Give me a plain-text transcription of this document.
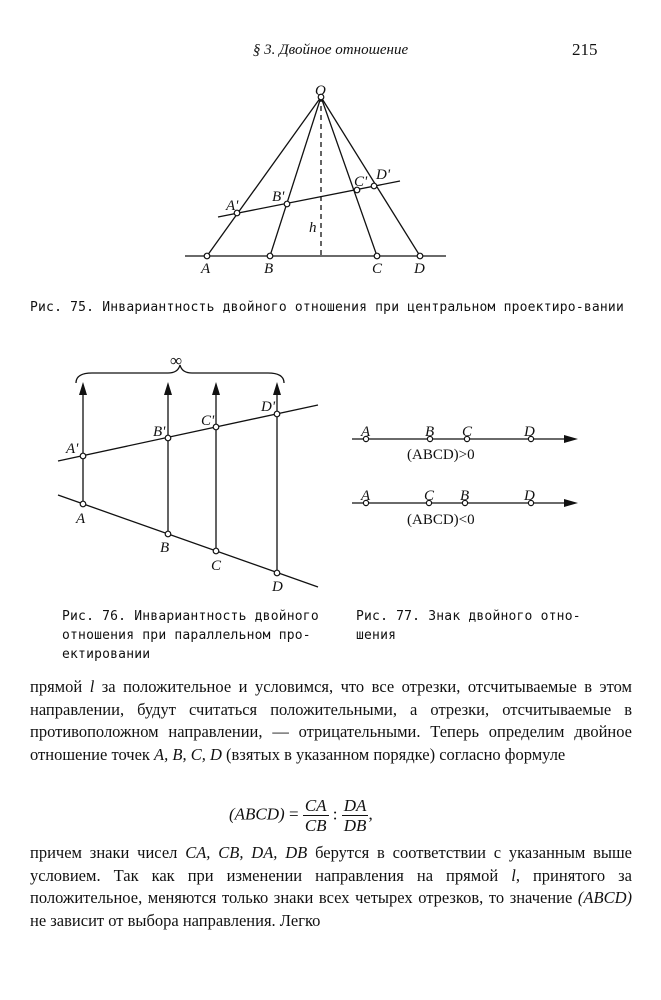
§ 3. Двойное отношение	215
O
A	B	C D
A'
B'
C' D'
h
Рис. 75. Инвариантность двойного отношения при центральном проектиро-вании
∞
A
B
C
D
A'
B'
C'
D'
Рис. 76. Инвариантность двойного отношения при параллельном про-ектировании
A	B C	D
(ABCD)>0
A	C B	D
(ABCD)<0
Рис. 77. Знак двойного отно-шения

прямой l за положительное и условимся, что все отрезки, отсчитываемые в этом направлении, будут считаться положительными, а отрезки, отсчитываемые в противоположном направлении, — отрицательными. Теперь определим двойное отношение точек A, B, C, D (взятых в указанном порядке) согласно формуле

(ABCD) = $\frac{CA}{CB}$ : $\frac{DA}{DB}$ ,

причем знаки чисел CA, CB, DA, DB берутся в соответствии с указанным выше условием. Так как при изменении направления на прямой l, принятого за положительное, меняются только знаки всех четырех отрезков, то значение (ABCD) не зависит от выбора направления. Легко
